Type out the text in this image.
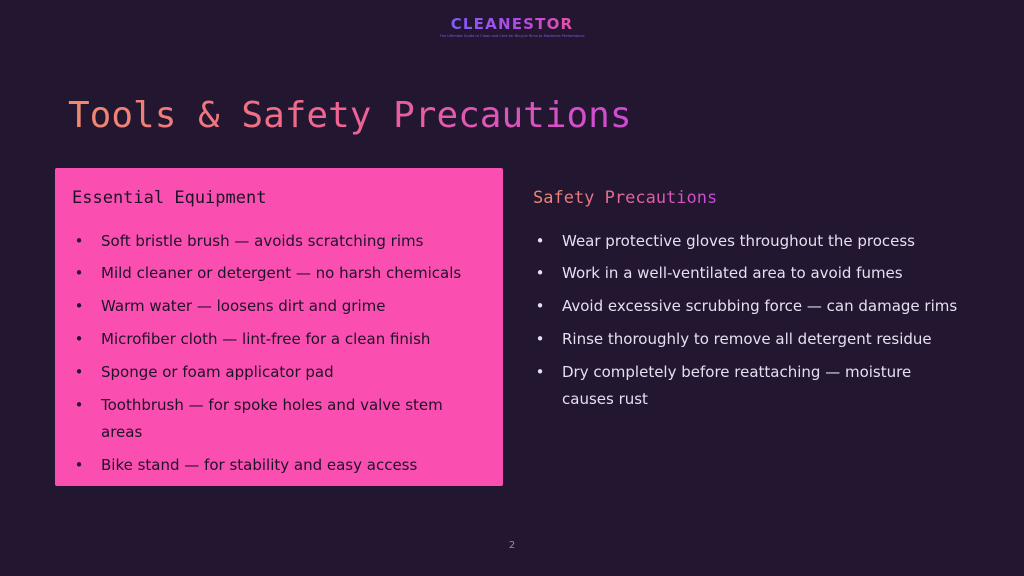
CLEANESTOR
The Ultimate Guide to Clean and Care for Bicycle Rims to Maximize Performance
Tools & Safety Precautions
Essential Equipment
• Soft bristle brush — avoids scratching rims
• Mild cleaner or detergent — no harsh chemicals
• Warm water — loosens dirt and grime
• Microfiber cloth — lint-free for a clean finish
• Sponge or foam applicator pad
• Toothbrush — for spoke holes and valve stem areas
• Bike stand — for stability and easy access
Safety Precautions
• Wear protective gloves throughout the process
• Work in a well-ventilated area to avoid fumes
• Avoid excessive scrubbing force — can damage rims
• Rinse thoroughly to remove all detergent residue
• Dry completely before reattaching — moisture causes rust
2
